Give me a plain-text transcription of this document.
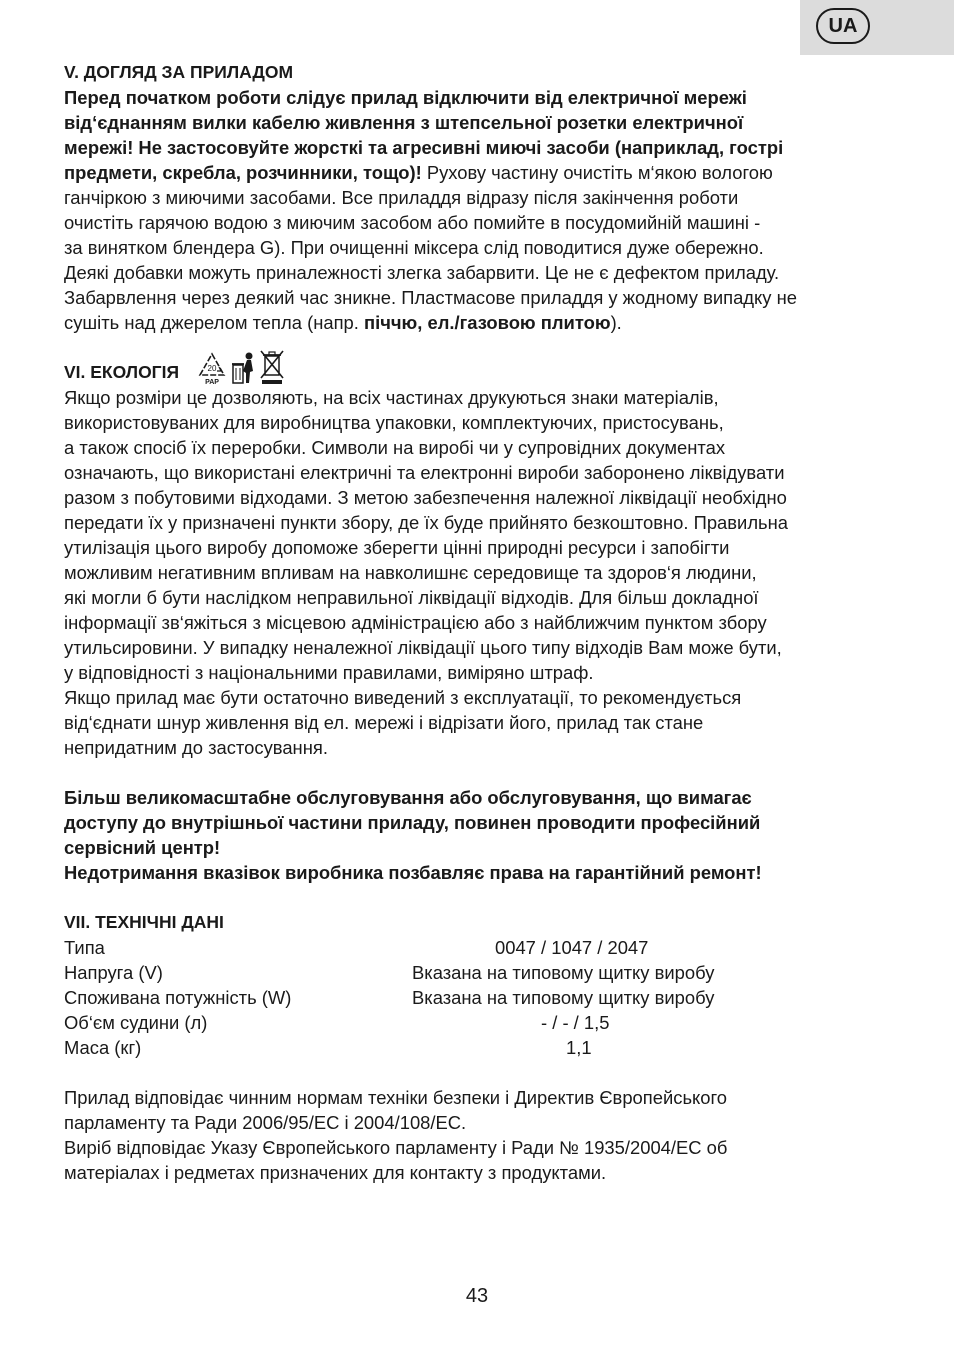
UA

V. ДОГЛЯД ЗА ПРИЛАДОМ

Перед початком роботи слідує прилад відключити від електричної мережі

від‘єднанням вилки кабелю живлення з штепсельної розетки електричної

мережі! Не застосовуйте жорсткі та агресивні миючі засоби (наприклад, гострі

предмети, скребла, розчинники, тощо)! Рухову частину очистіть м‘якою вологою

ганчіркою з миючими засобами. Все приладдя відразу після закінчення роботи

очистіть гарячою водою з миючим засобом або помийте в посудомийній машині -

за винятком блендера G). При очищенні міксера слід поводитися дуже обережно.

Деякі добавки можуть приналежності злегка забарвити. Це не є дефектом приладу.

Забарвлення через деякий час зникне. Пластмасове приладдя у жодному випадку не

сушіть над джерелом тепла (напр. піччю, ел./газовою плитою).

VI. ЕКОЛОГІЯ	20
PAP

Якщо розміри це дозволяють, на всіх частинах друкуються знаки матеріалів,

використовуваних для виробництва упаковки, комплектуючих, пристосувань,

а також спосіб їх переробки. Символи на виробі чи у супровідних документах

означають, що використані електричні та електронні вироби заборонено ліквідувати

разом з побутовими відходами. З метою забезпечення належної ліквідації необхідно

передати їх у призначені пункти збору, де їх буде прийнято безкоштовно. Правильна

утилізація цього виробу допоможе зберегти цінні природні ресурси і запобігти

можливим негативним впливам на навколишнє середовище та здоров‘я людини,

які могли б бути наслідком неправильної ліквідації відходів. Для більш докладної

інформації зв‘яжіться з місцевою адміністрацією або з найближчим пунктом збору

утильсировини. У випадку неналежної ліквідації цього типу відходів Вам може бути,

у відповідності з національними правилами, виміряно штраф.

Якщо прилад має бути остаточно виведений з експлуатації, то рекомендується

від‘єднати шнур живлення від ел. мережі і відрізати його, прилад так стане

непридатним до застосування.

Більш великомасштабне обслуговування або обслуговування, що вимагає

доступу до внутрішньої частини приладу, повинен проводити професійний

сервісний центр!

Недотримання вказівок виробника позбавляє права на гарантійний ремонт!

VII. ТЕХНІЧНІ ДАНІ

Типа	0047 / 1047 / 2047
Напруга (V)	Вказана на типовому щитку виробу
Споживана потужність (W)	Вказана на типовому щитку виробу
Об‘єм судини (л)	- / - / 1,5
Маса (кг)	1,1

Прилад відповідає чинним нормам техніки безпеки і Директив Європейського

парламенту та Ради 2006/95/ЕС і 2004/108/ЕС.

Виріб відповідає Указу Європейського парламенту і Ради № 1935/2004/ЕС об

матеріалах і редметах призначених для контакту з продуктами.

43
